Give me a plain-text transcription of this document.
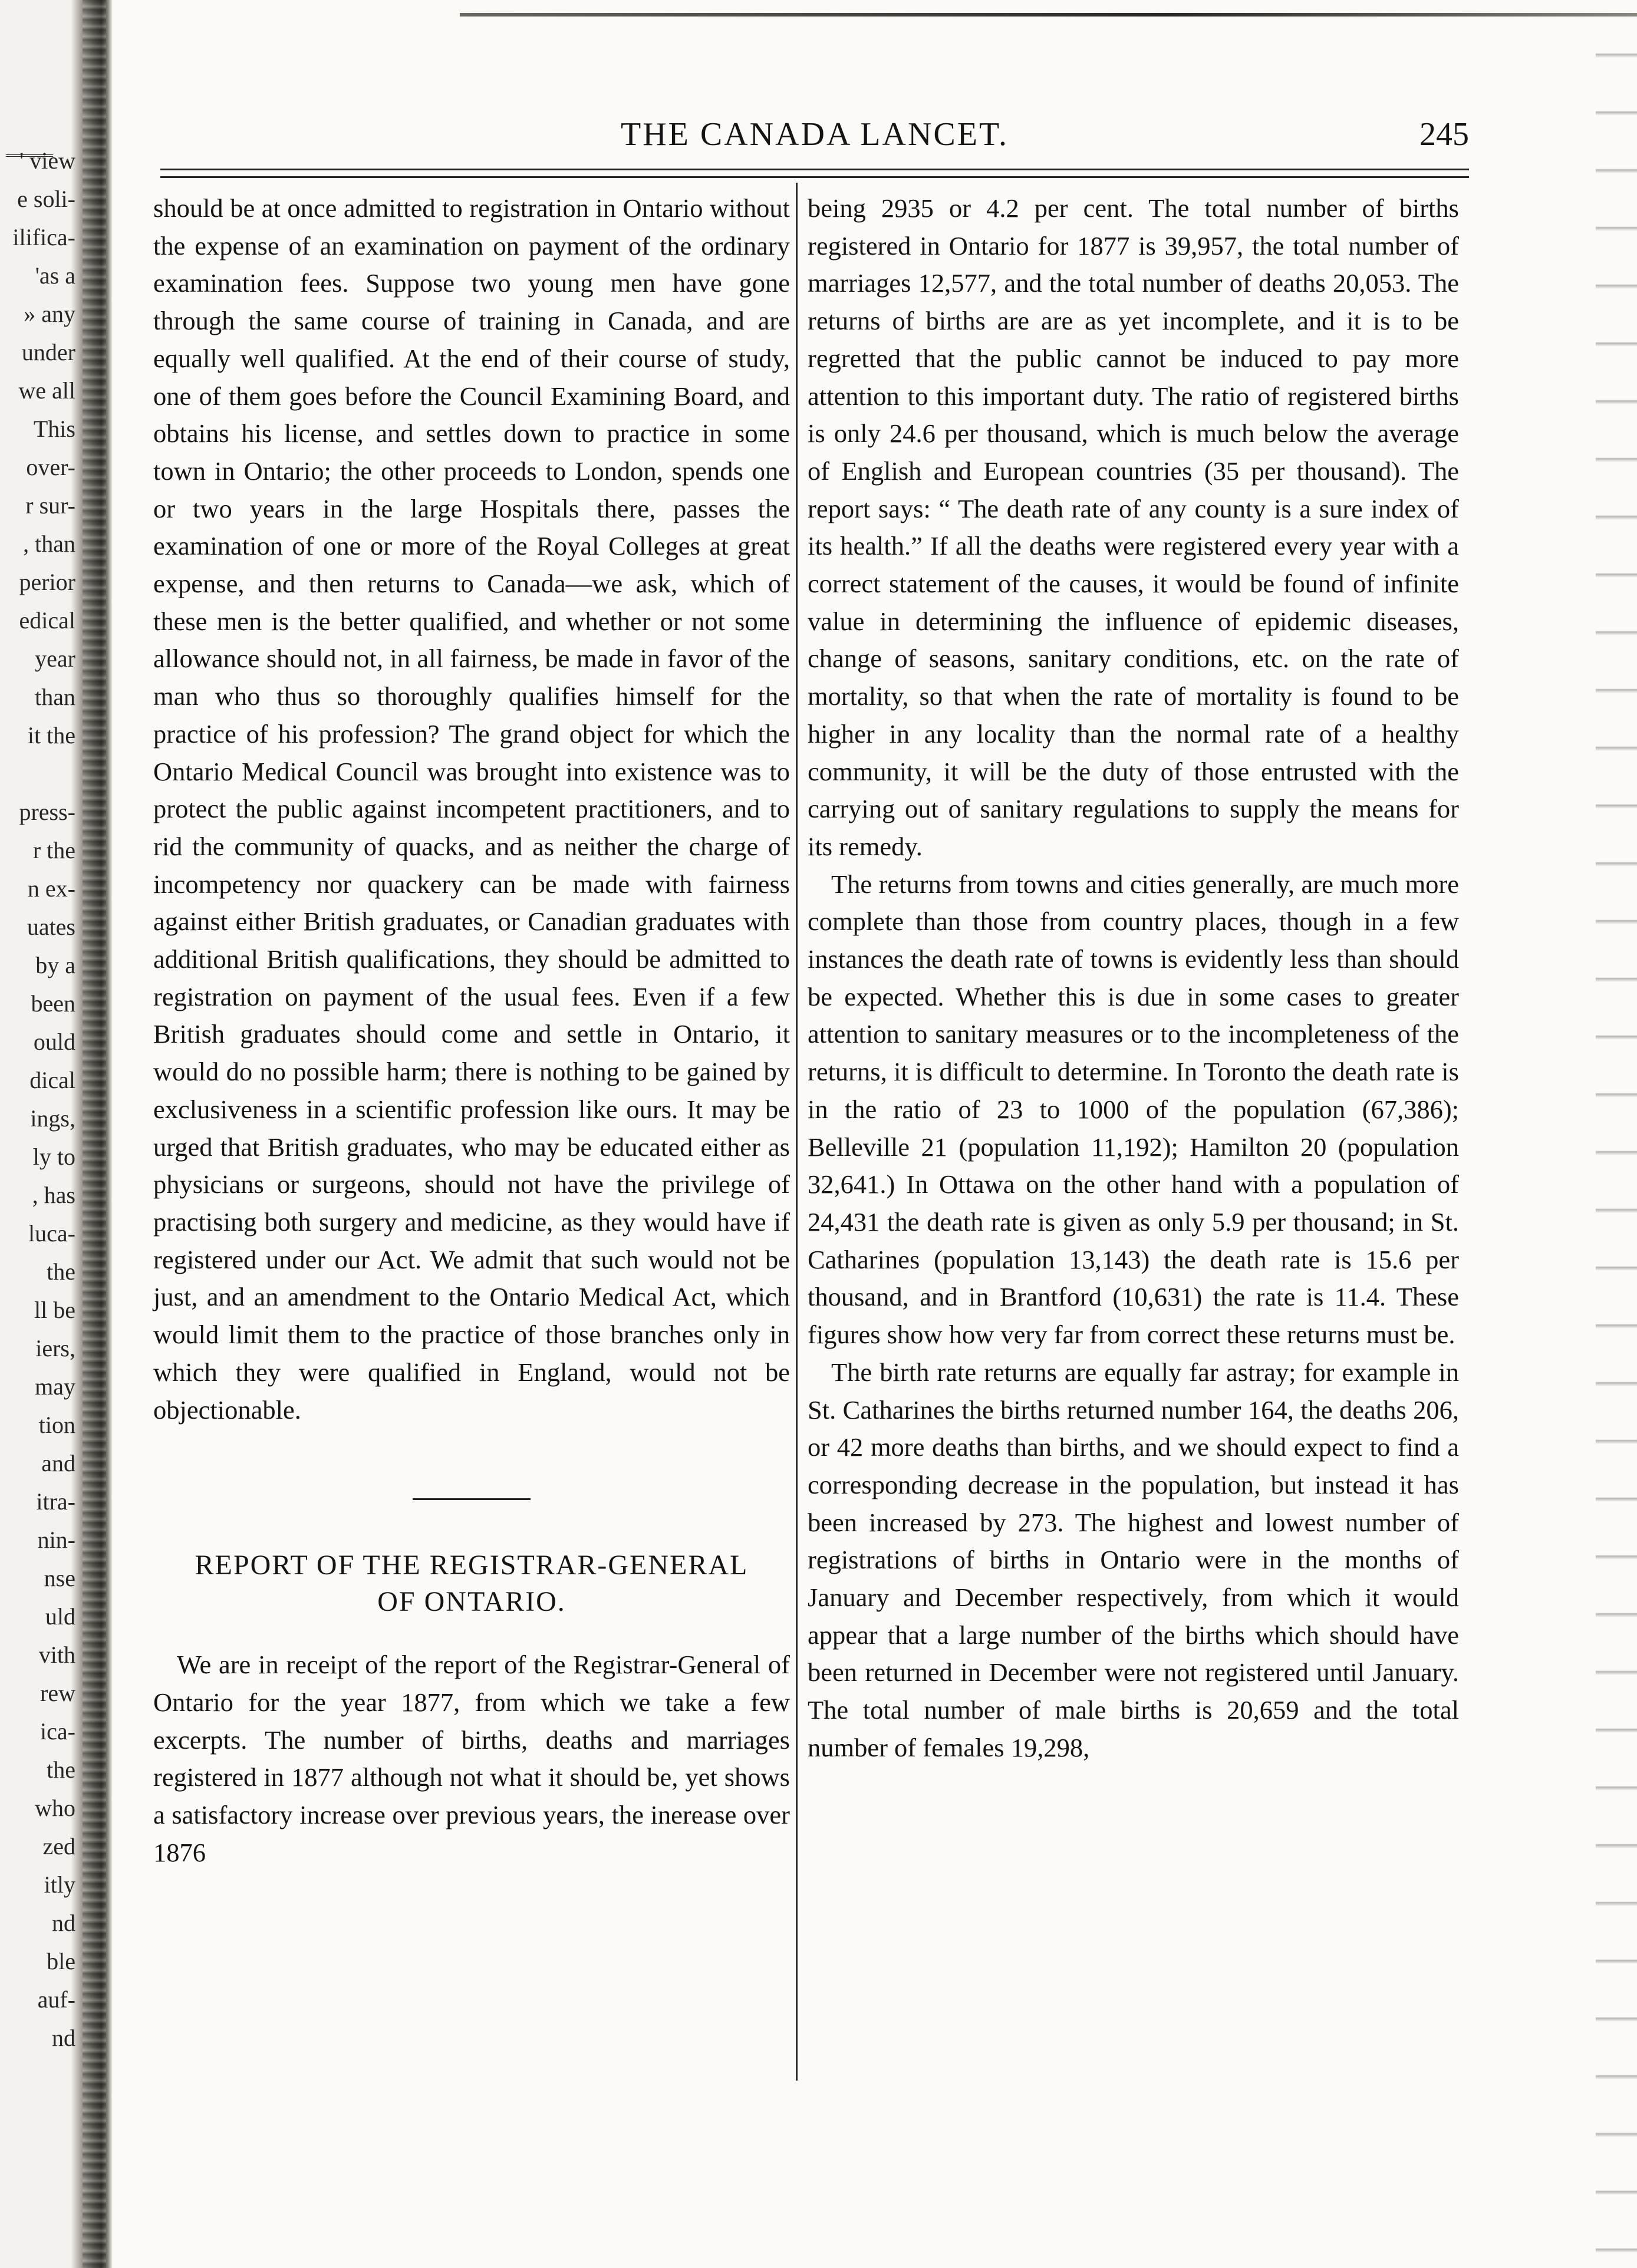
' view
e soli-
ilifica-
'as a
» any
under
we all
This
over-
r sur-
, than
perior
edical
year
than
it the
press-
r the
n ex-
uates
by a
been
ould
dical
ings,
ly to
, has
luca-
the
ll be
iers,
may
tion
and
itra-
nin-
nse
uld
vith
rew
ica-
the
who
zed
itly
nd
ble
auf-
nd
THE CANADA LANCET.	245

should be at once admitted to registration in Ontario without the expense of an examination on payment of the ordinary examination fees. Suppose two young men have gone through the same course of training in Canada, and are equally well qualified. At the end of their course of study, one of them goes before the Council Examining Board, and obtains his license, and settles down to practice in some town in Ontario; the other proceeds to London, spends one or two years in the large Hospitals there, passes the examination of one or more of the Royal Colleges at great expense, and then returns to Canada—we ask, which of these men is the better qualified, and whether or not some allowance should not, in all fairness, be made in favor of the man who thus so thoroughly qualifies himself for the practice of his profession? The grand object for which the Ontario Medical Council was brought into existence was to protect the public against incompetent practitioners, and to rid the community of quacks, and as neither the charge of incompetency nor quackery can be made with fairness against either British graduates, or Canadian graduates with additional British qualifications, they should be admitted to registration on payment of the usual fees. Even if a few British graduates should come and settle in Ontario, it would do no possible harm; there is nothing to be gained by exclusiveness in a scientific profession like ours. It may be urged that British graduates, who may be educated either as physicians or surgeons, should not have the privilege of practising both surgery and medicine, as they would have if registered under our Act. We admit that such would not be just, and an amendment to the Ontario Medical Act, which would limit them to the practice of those branches only in which they were qualified in England, would not be objectionable.

REPORT OF THE REGISTRAR-GENERAL
OF ONTARIO.

We are in receipt of the report of the Registrar-General of Ontario for the year 1877, from which we take a few excerpts. The number of births, deaths and marriages registered in 1877 although not what it should be, yet shows a satisfactory increase over previous years, the inerease over 1876

being 2935 or 4.2 per cent. The total number of births registered in Ontario for 1877 is 39,957, the total number of marriages 12,577, and the total number of deaths 20,053. The returns of births are are as yet incomplete, and it is to be regretted that the public cannot be induced to pay more attention to this important duty. The ratio of registered births is only 24.6 per thousand, which is much below the average of English and European countries (35 per thousand). The report says: “ The death rate of any county is a sure index of its health.” If all the deaths were registered every year with a correct statement of the causes, it would be found of infinite value in determining the influence of epidemic diseases, change of seasons, sanitary conditions, etc. on the rate of mortality, so that when the rate of mortality is found to be higher in any locality than the normal rate of a healthy community, it will be the duty of those entrusted with the carrying out of sanitary regulations to supply the means for its remedy.

The returns from towns and cities generally, are much more complete than those from country places, though in a few instances the death rate of towns is evidently less than should be expected. Whether this is due in some cases to greater attention to sanitary measures or to the incompleteness of the returns, it is difficult to determine. In Toronto the death rate is in the ratio of 23 to 1000 of the population (67,386); Belleville 21 (population 11,192); Hamilton 20 (population 32,641.) In Ottawa on the other hand with a population of 24,431 the death rate is given as only 5.9 per thousand; in St. Catharines (population 13,143) the death rate is 15.6 per thousand, and in Brantford (10,631) the rate is 11.4. These figures show how very far from correct these returns must be.

The birth rate returns are equally far astray; for example in St. Catharines the births returned number 164, the deaths 206, or 42 more deaths than births, and we should expect to find a corresponding decrease in the population, but instead it has been increased by 273. The highest and lowest number of registrations of births in Ontario were in the months of January and December respectively, from which it would appear that a large number of the births which should have been returned in December were not registered until January. The total number of male births is 20,659 and the total number of females 19,298,
